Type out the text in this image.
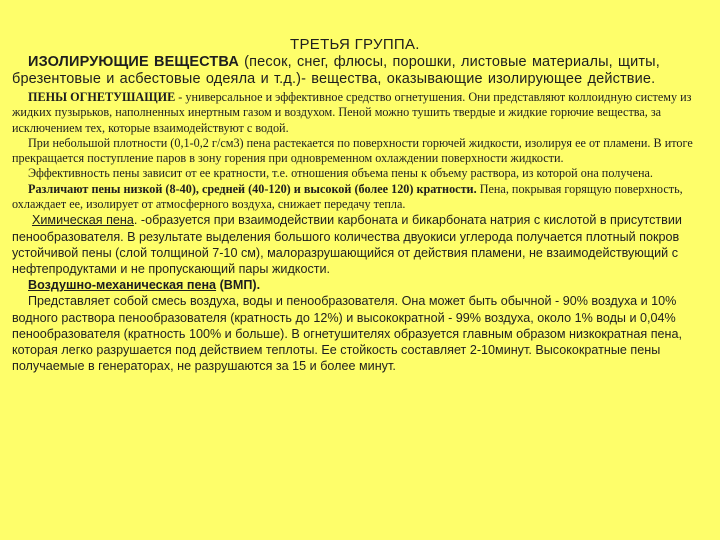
ТРЕТЬЯ ГРУППА.

ИЗОЛИРУЮЩИЕ ВЕЩЕСТВА (песок, снег, флюсы, порошки, листовые материалы, щиты, брезентовые и асбестовые одеяла и т.д.)- вещества, оказывающие изолирующее действие.

ПЕНЫ ОГНЕТУШАЩИЕ - универсальное и эффективное средство огнетушения. Они представляют коллоидную систему из жидких пузырьков, наполненных инертным газом и воздухом. Пеной можно тушить твердые и жидкие горючие вещества, за исключением тех, которые взаимодействуют с водой.

При небольшой плотности (0,1-0,2 г/см3) пена растекается по поверхности горючей жидкости, изолируя ее от пламени. В итоге прекращается поступление паров в зону горения при одновременном охлаждении поверхности жидкости.

Эффективность пены зависит от ее кратности, т.е. отношения объема пены к объему раствора, из которой она получена.

Различают пены низкой (8-40), средней (40-120) и высокой (более 120) кратности. Пена, покрывая горящую поверхность, охлаждает ее, изолирует от атмосферного воздуха, снижает передачу тепла.

Химическая пена. -образуется при взаимодействии карбоната и бикарбоната натрия с кислотой в присутствии пенообразователя. В результате выделения большого количества двуокиси углерода получается плотный покров устойчивой пены (слой толщиной 7-10 см), малоразрушающийся от действия пламени, не взаимодействующий с нефтепродуктами и не пропускающий пары жидкости.

Воздушно-механическая пена (ВМП).

Представляет собой смесь воздуха, воды и пенообразователя. Она может быть обычной - 90% воздуха и 10% водного раствора пенообразователя (кратность до 12%) и высокократной - 99% воздуха, около 1% воды и 0,04% пенообразователя (кратность 100% и больше). В огнетушителях образуется главным образом низкократная пена, которая легко разрушается под действием теплоты. Ее стойкость составляет 2-10минут. Высокократные пены получаемые в генераторах, не разрушаются за 15 и более минут.
